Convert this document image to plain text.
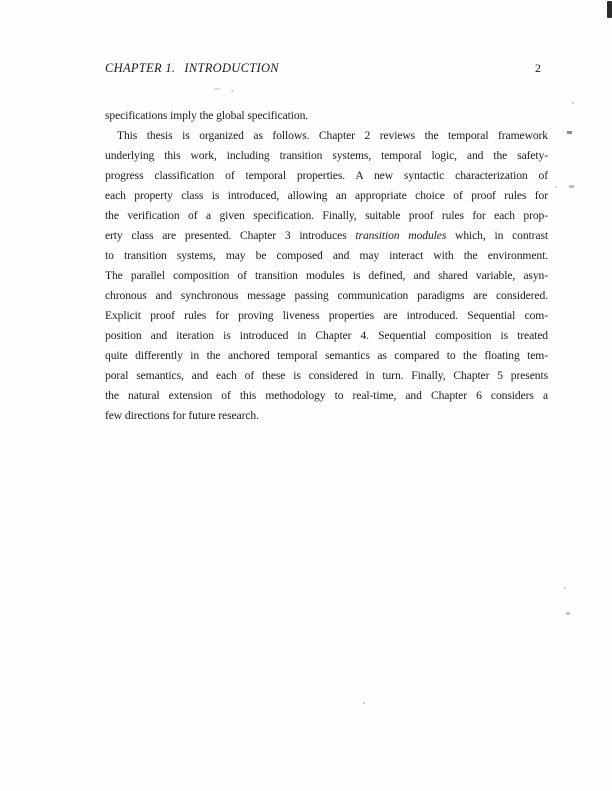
CHAPTER 1. INTRODUCTION	2
specifications imply the global specification.
This thesis is organized as follows. Chapter 2 reviews the temporal framework
underlying this work, including transition systems, temporal logic, and the safety-
progress classification of temporal properties. A new syntactic characterization of
each property class is introduced, allowing an appropriate choice of proof rules for
the verification of a given specification. Finally, suitable proof rules for each prop-
erty class are presented. Chapter 3 introduces transition modules which, in contrast
to transition systems, may be composed and may interact with the environment.
The parallel composition of transition modules is defined, and shared variable, asyn-
chronous and synchronous message passing communication paradigms are considered.
Explicit proof rules for proving liveness properties are introduced. Sequential com-
position and iteration is introduced in Chapter 4. Sequential composition is treated
quite differently in the anchored temporal semantics as compared to the floating tem-
poral semantics, and each of these is considered in turn. Finally, Chapter 5 presents
the natural extension of this methodology to real-time, and Chapter 6 considers a
few directions for future research.
